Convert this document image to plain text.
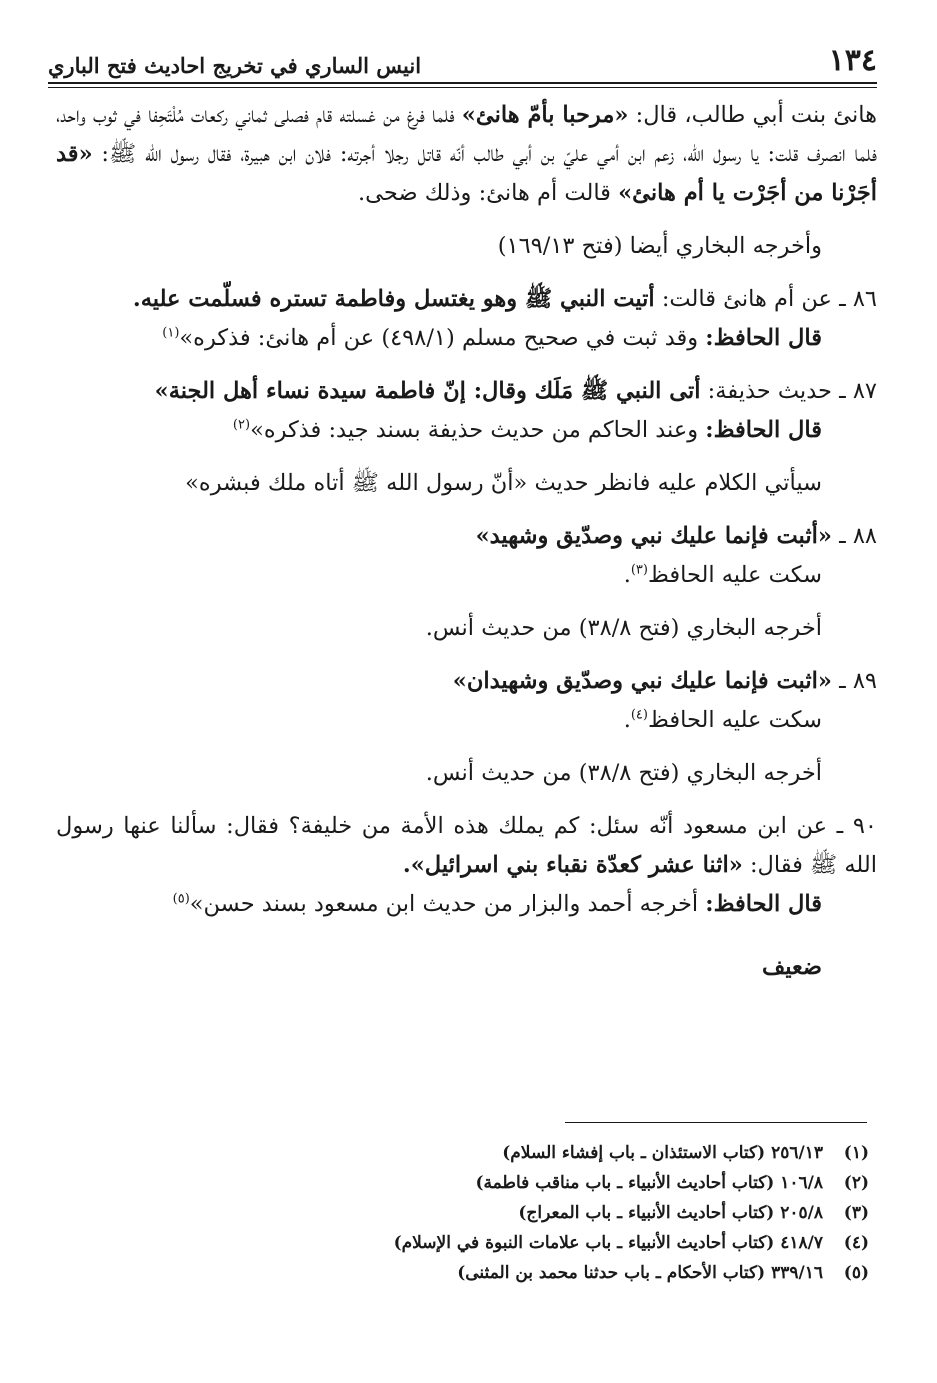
١٣٤
انيس الساري في تخريج احاديث فتح الباري

هانئ بنت أبي طالب، قال: «مرحبا بأمّ هانئ» فلما فرغ من غسلته قام فصلى ثماني ركعات مُلْتَحِفا في ثوب واحد، فلما انصرف قلت: يا رسول الله، زعم ابن أمي عليّ بن أبي طالب أنّه قاتل رجلا أجرته: فلان ابن هبيرة، فقال رسول الله ﷺ: «قد أجَرْنا من أجَرْت يا أم هانئ» قالت أم هانئ: وذلك ضحى.

وأخرجه البخاري أيضا (فتح ١٦٩/١٣)

٨٦ ـ عن أم هانئ قالت: أتيت النبي ﷺ وهو يغتسل وفاطمة تستره فسلّمت عليه.

قال الحافظ: وقد ثبت في صحيح مسلم (٤٩٨/١) عن أم هانئ: فذكره»$^{(١)}$

٨٧ ـ حديث حذيفة: أتى النبي ﷺ مَلَك وقال: إنّ فاطمة سيدة نساء أهل الجنة»

قال الحافظ: وعند الحاكم من حديث حذيفة بسند جيد: فذكره»$^{(٢)}$

سيأتي الكلام عليه فانظر حديث «أنّ رسول الله ﷺ أتاه ملك فبشره»

٨٨ ـ «أثبت فإنما عليك نبي وصدّيق وشهيد»

سكت عليه الحافظ$^{(٣)}$.

أخرجه البخاري (فتح ٣٨/٨) من حديث أنس.

٨٩ ـ «اثبت فإنما عليك نبي وصدّيق وشهيدان»

سكت عليه الحافظ$^{(٤)}$.

أخرجه البخاري (فتح ٣٨/٨) من حديث أنس.

٩٠ ـ عن ابن مسعود أنّه سئل: كم يملك هذه الأمة من خليفة؟ فقال: سألنا عنها رسول الله ﷺ فقال: «اثنا عشر كعدّة نقباء بني اسرائيل».

قال الحافظ: أخرجه أحمد والبزار من حديث ابن مسعود بسند حسن»$^{(٥)}$

ضعيف

(١)
٢٥٦/١٣ (كتاب الاستئذان ـ باب إفشاء السلام)
(٢)
١٠٦/٨ (كتاب أحاديث الأنبياء ـ باب مناقب فاطمة)
(٣)
٢٠٥/٨ (كتاب أحاديث الأنبياء ـ باب المعراج)
(٤)
٤١٨/٧ (كتاب أحاديث الأنبياء ـ باب علامات النبوة في الإسلام)
(٥)
٣٣٩/١٦ (كتاب الأحكام ـ باب حدثنا محمد بن المثنى)
